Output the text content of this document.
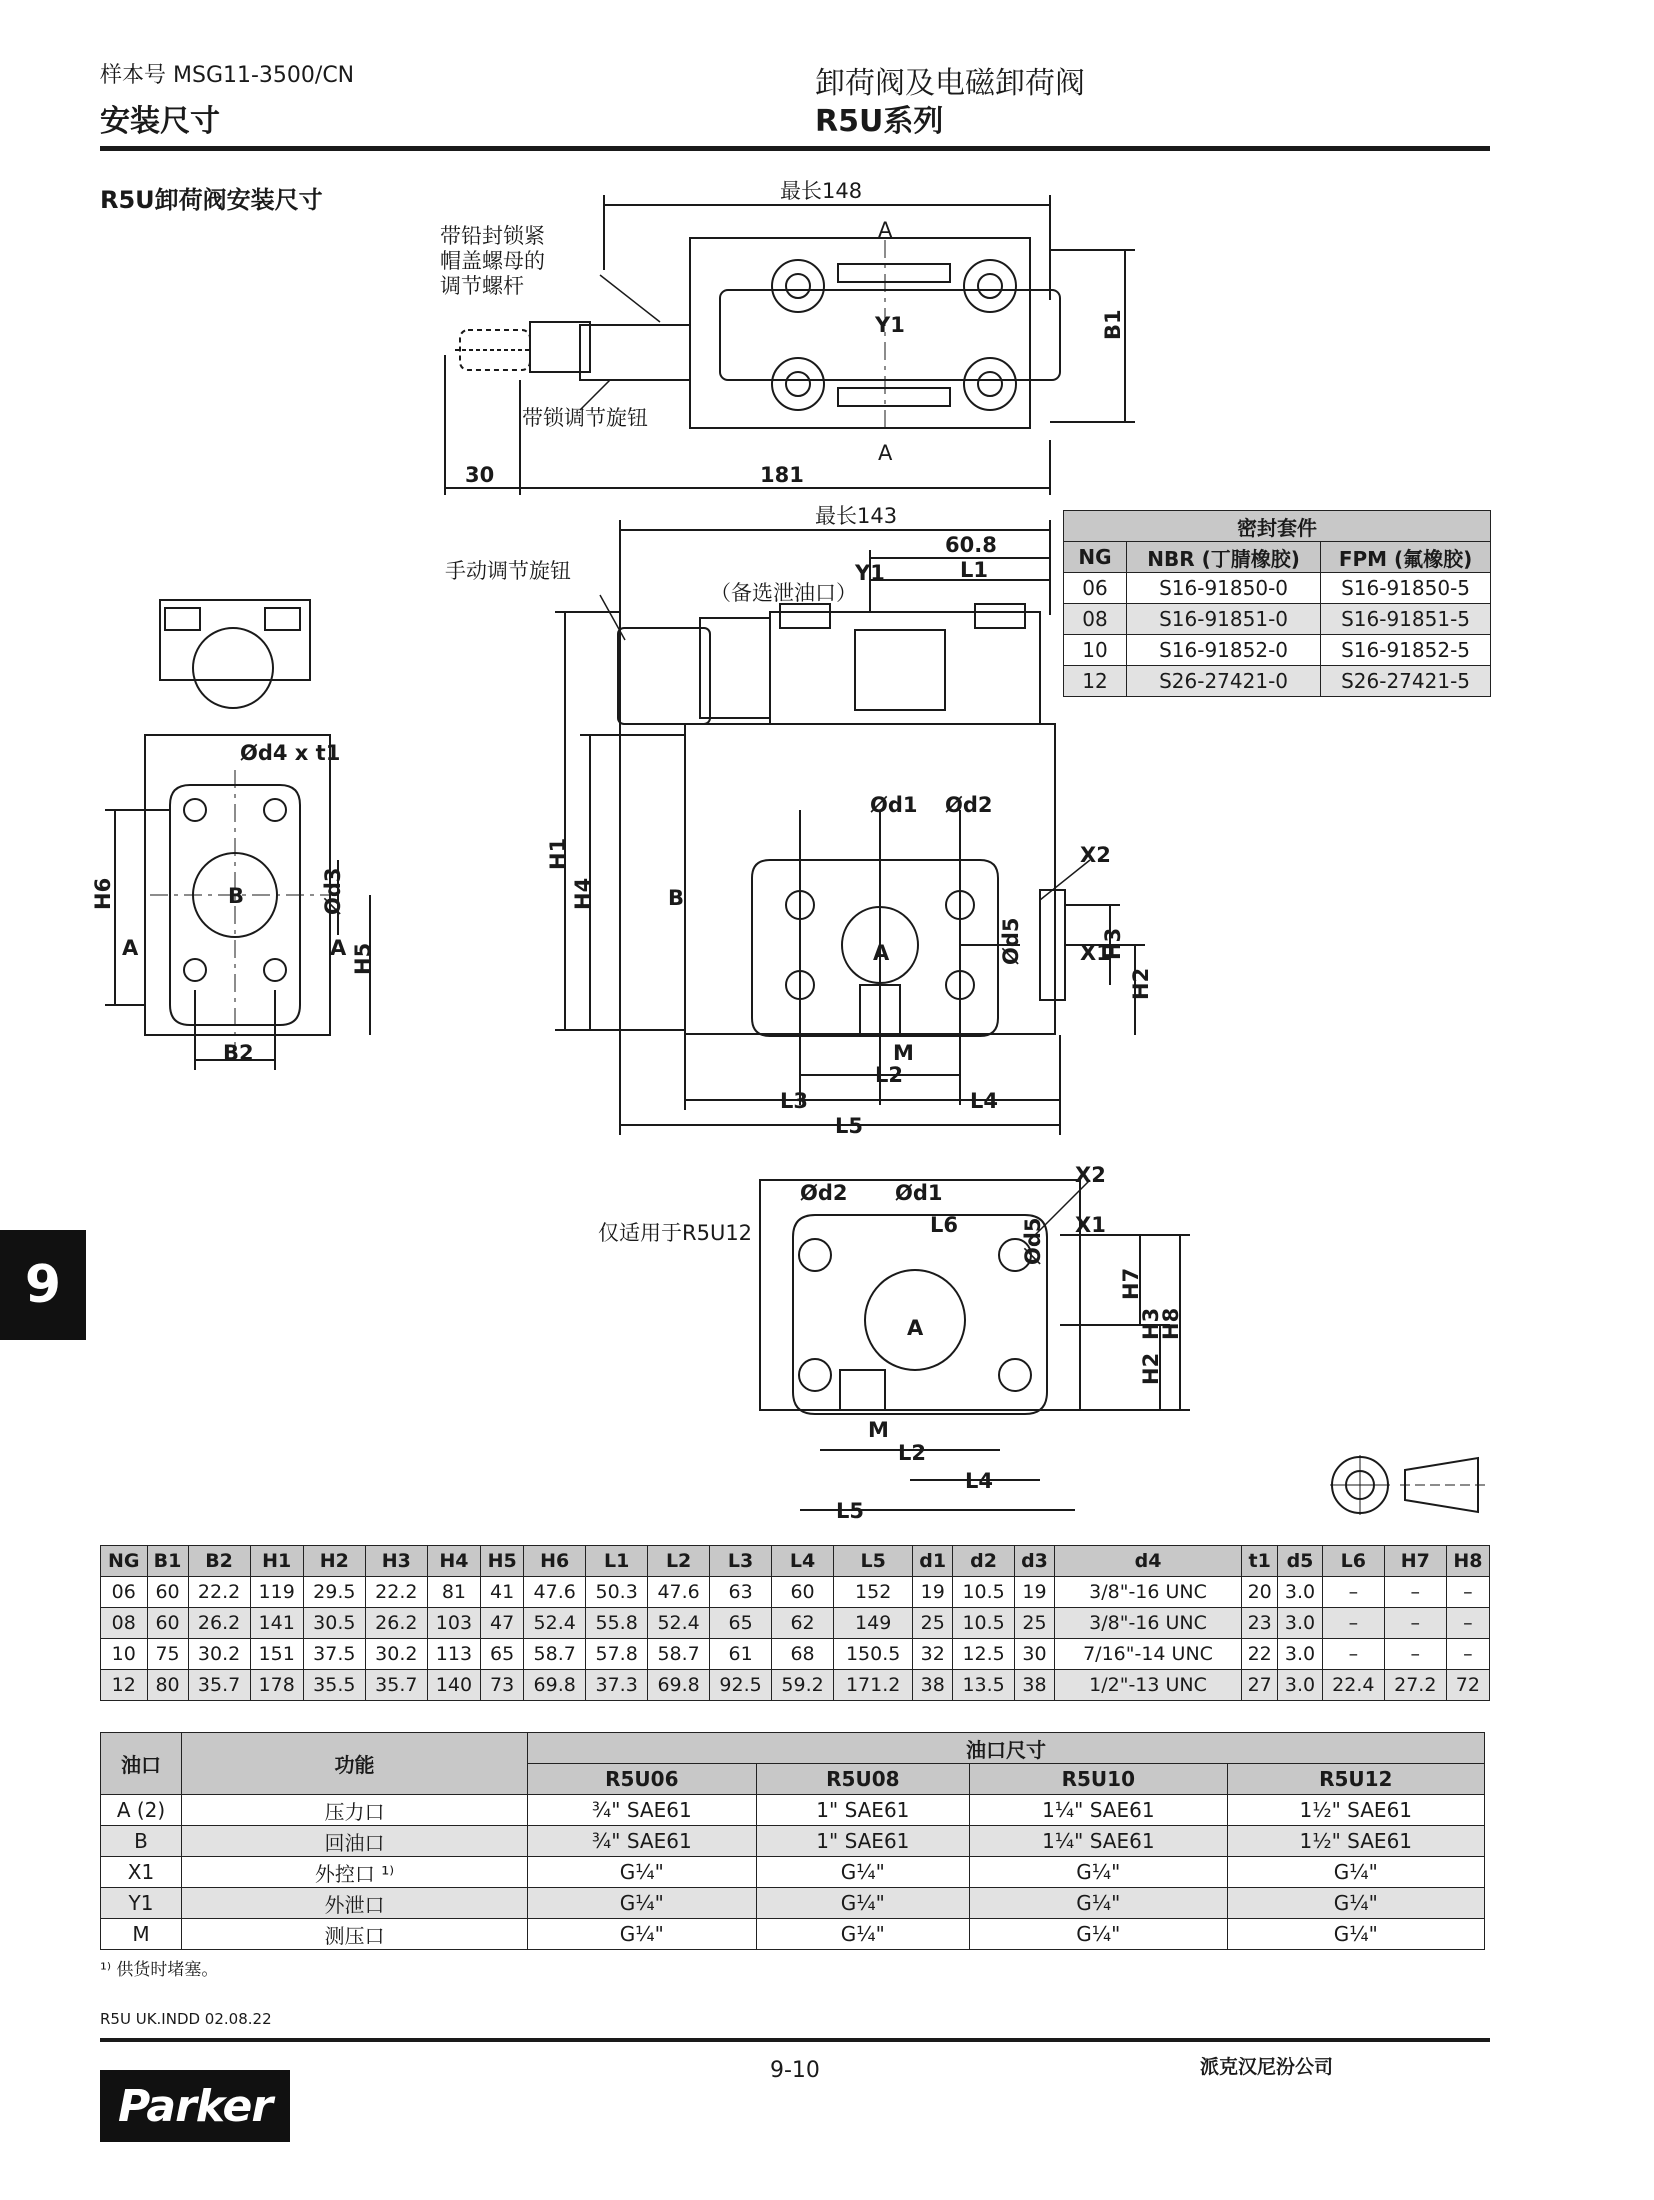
样本号 MSG11-3500/CN
安装尺寸
卸荷阀及电磁卸荷阀
R5U系列
R5U卸荷阀安装尺寸	最长148
A
A
Y1	B1
带铅封锁紧
帽盖螺母的
调节螺杆
带锁调节旋钮
30	181
最长143
60.8
L1
Y1
手动调节旋钮
（备选泄油口）
Ød1 Ød2
X2
X1
A
B
H1
H4
H3
H2
Ød5
M
L2
L3	L4
L5
Ød4 x t1
B
A	A
H6
H5
Ød3
B2
仅适用于R5U12
Ød2 Ød1
L6
X2
X1
A
Ød5
H7
H3
H8
H2
M
L2
L4
L5
密封套件		
NG	NBR (丁腈橡胶)	FPM (氟橡胶)
06	S16-91850-0	S16-91850-5
08	S16-91851-0	S16-91851-5
10	S16-91852-0	S16-91852-5
12	S26-27421-0	S26-27421-5
NG	B1	B2	H1	H2	H3	H4	H5	H6	L1	L2	L3	L4	L5	d1	d2	d3	d4	t1	d5	L6	H7	H8
06	60	22.2	119	29.5	22.2	81	41	47.6	50.3	47.6	63	60	152	19	10.5	19	3/8"-16 UNC	20	3.0	–	–	–
08	60	26.2	141	30.5	26.2	103	47	52.4	55.8	52.4	65	62	149	25	10.5	25	3/8"-16 UNC	23	3.0	–	–	–
10	75	30.2	151	37.5	30.2	113	65	58.7	57.8	58.7	61	68	150.5	32	12.5	30	7/16"-14 UNC	22	3.0	–	–	–
12	80	35.7	178	35.5	35.7	140	73	69.8	37.3	69.8	92.5	59.2	171.2	38	13.5	38	1/2"-13 UNC	27	3.0	22.4	27.2	72
油口	功能	油口尺寸			
		R5U06	R5U08	R5U10	R5U12
A (2)	压力口	¾" SAE61	1" SAE61	1¼" SAE61	1½" SAE61
B	回油口	¾" SAE61	1" SAE61	1¼" SAE61	1½" SAE61
X1	外控口 ¹⁾	G¼"	G¼"	G¼"	G¼"
Y1	外泄口	G¼"	G¼"	G¼"	G¼"
M	测压口	G¼"	G¼"	G¼"	G¼"
¹⁾ 供货时堵塞。
R5U UK.INDD 02.08.22
9-10	派克汉尼汾公司
Parker
9
